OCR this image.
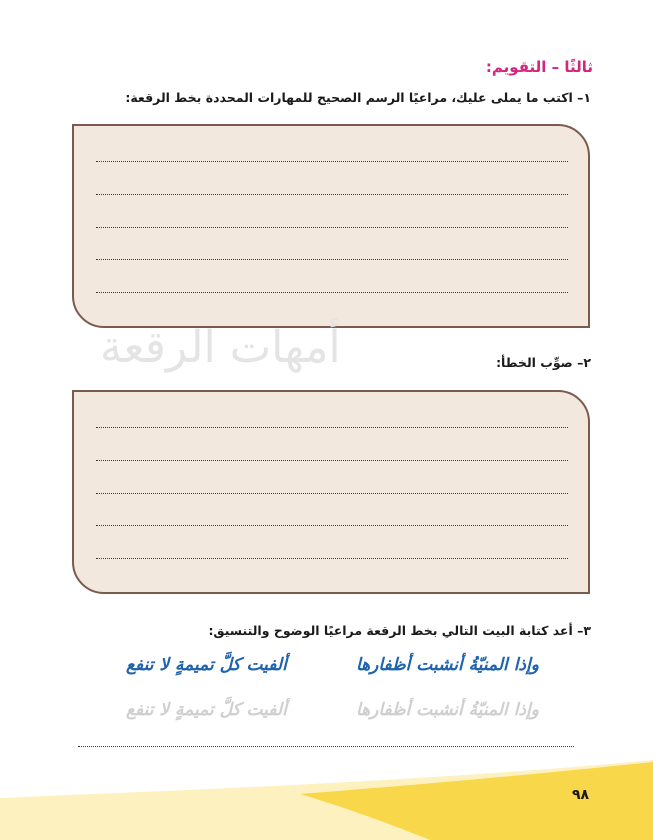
ثالثًا – التقويم:
١– اكتب ما يملى عليك، مراعيًا الرسم الصحيح للمهارات المحددة بخط الرقعة:
أمهات الرقعة	٢– صوِّب الخطأ:
٣– أعد كتابة البيت التالي بخط الرقعة مراعيًا الوضوح والتنسيق:
وإذا المنيّةُ أنشبت أظفارها
ألفيت كلَّ تميمةٍ لا تنفع
وإذا المنيّةُ أنشبت أظفارها
ألفيت كلَّ تميمةٍ لا تنفع
٩٨
